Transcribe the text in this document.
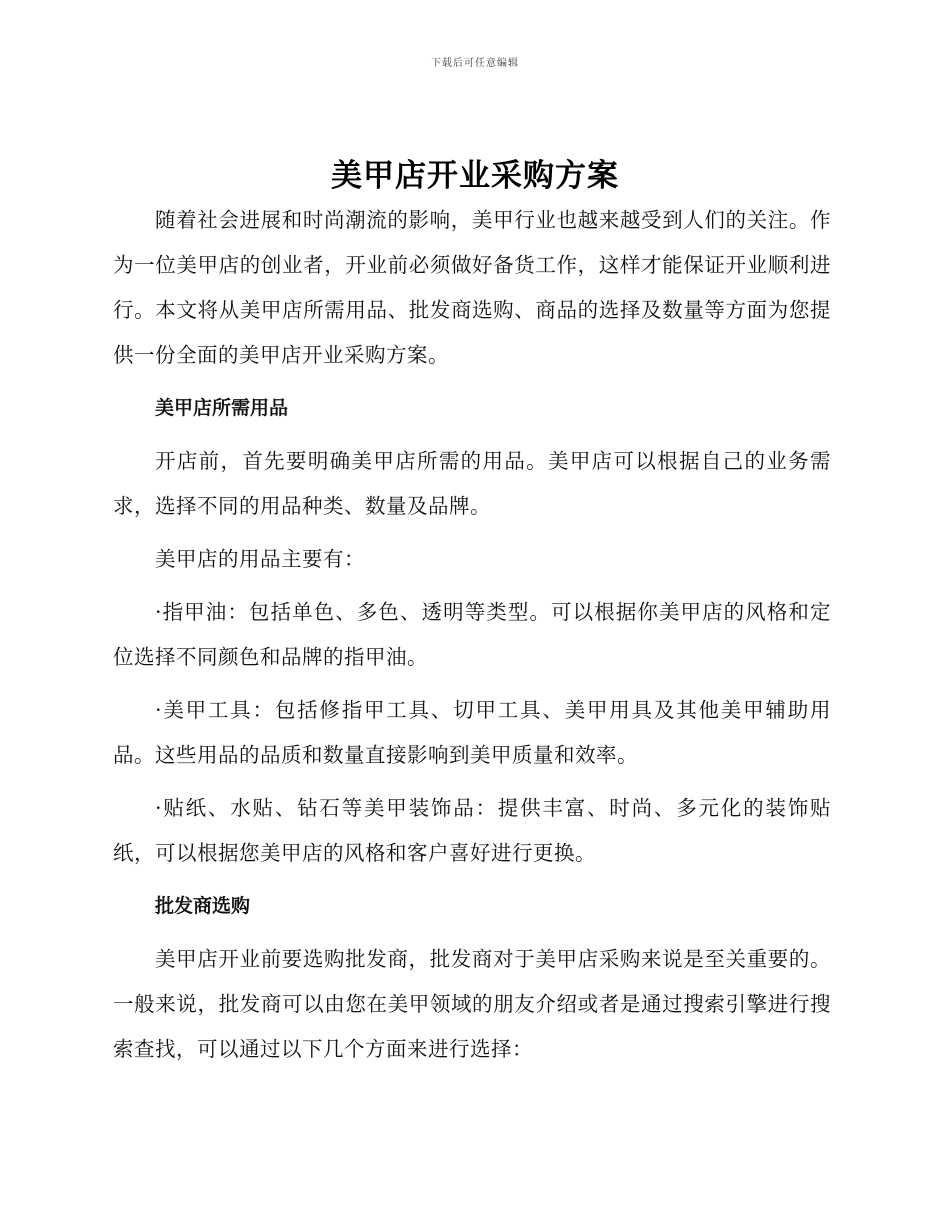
下载后可任意编辑
美甲店开业采购方案

随着社会进展和时尚潮流的影响，美甲行业也越来越受到人们的关注。作为一位美甲店的创业者，开业前必须做好备货工作，这样才能保证开业顺利进行。本文将从美甲店所需用品、批发商选购、商品的选择及数量等方面为您提供一份全面的美甲店开业采购方案。

美甲店所需用品

开店前，首先要明确美甲店所需的用品。美甲店可以根据自己的业务需求，选择不同的用品种类、数量及品牌。

美甲店的用品主要有：

·指甲油：包括单色、多色、透明等类型。可以根据你美甲店的风格和定位选择不同颜色和品牌的指甲油。

·美甲工具：包括修指甲工具、切甲工具、美甲用具及其他美甲辅助用品。这些用品的品质和数量直接影响到美甲质量和效率。

·贴纸、水贴、钻石等美甲装饰品：提供丰富、时尚、多元化的装饰贴纸，可以根据您美甲店的风格和客户喜好进行更换。

批发商选购

美甲店开业前要选购批发商，批发商对于美甲店采购来说是至关重要的。一般来说，批发商可以由您在美甲领域的朋友介绍或者是通过搜索引擎进行搜索查找，可以通过以下几个方面来进行选择：
